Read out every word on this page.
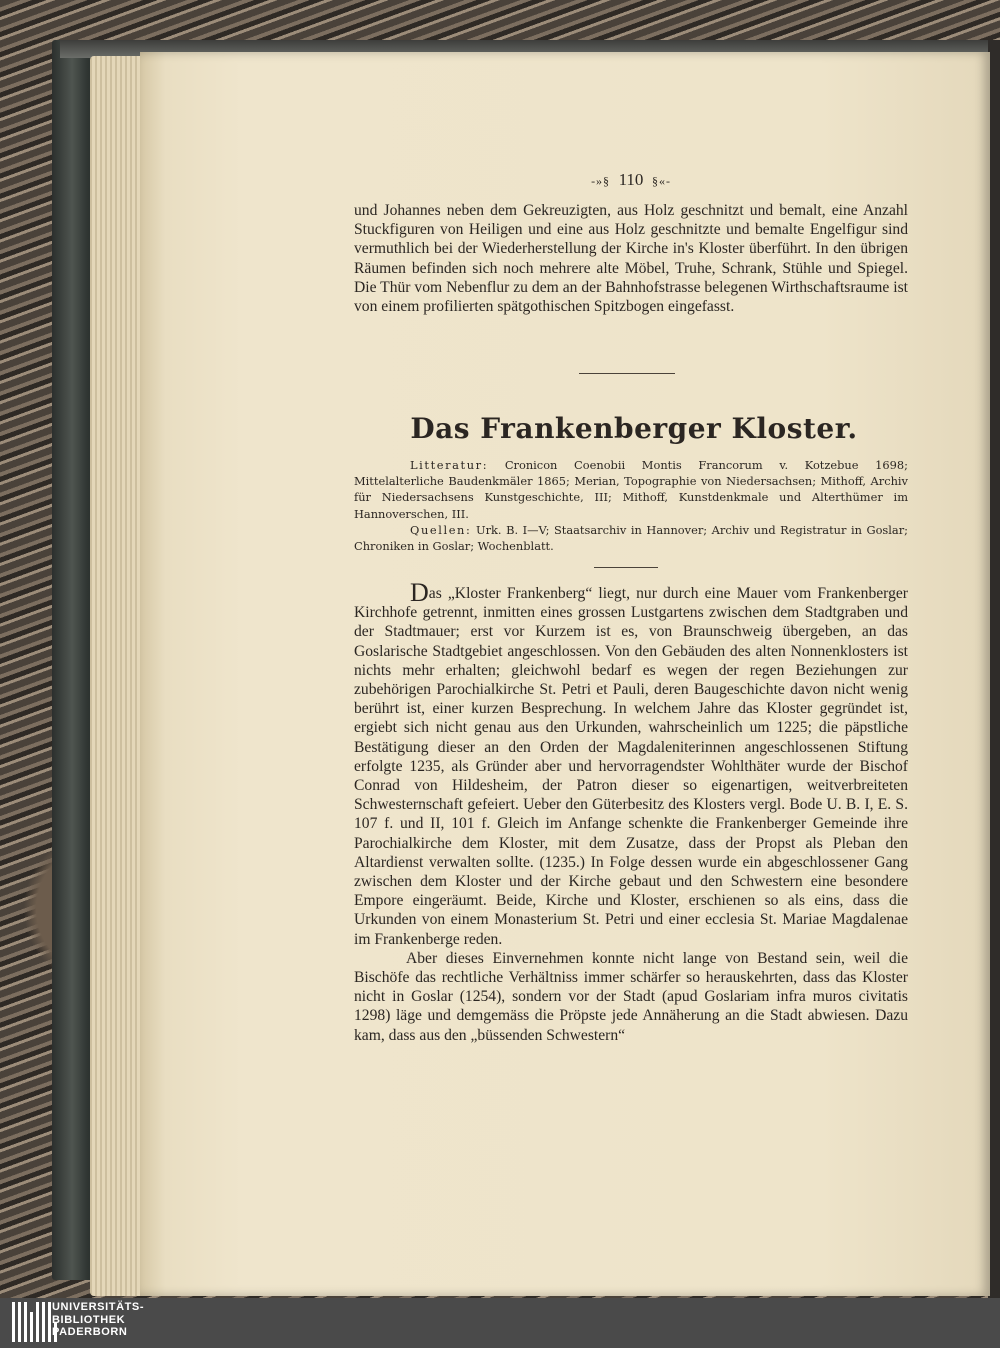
-»§ 110 §«-

und Johannes neben dem Gekreuzigten, aus Holz geschnitzt und bemalt, eine Anzahl Stuckfiguren von Heiligen und eine aus Holz geschnitzte und bemalte Engelfigur sind vermuthlich bei der Wiederherstellung der Kirche in's Kloster überführt. In den übrigen Räumen befinden sich noch mehrere alte Möbel, Truhe, Schrank, Stühle und Spiegel. Die Thür vom Nebenflur zu dem an der Bahnhofstrasse belegenen Wirthschaftsraume ist von einem profilierten spätgothischen Spitzbogen eingefasst.

Das Frankenberger Kloster.

Litteratur: Cronicon Coenobii Montis Francorum v. Kotzebue 1698; Mittelalterliche Baudenkmäler 1865; Merian, Topographie von Niedersachsen; Mithoff, Archiv für Niedersachsens Kunstgeschichte, III; Mithoff, Kunstdenkmale und Alterthümer im Hannoverschen, III.

Quellen: Urk. B. I—V; Staatsarchiv in Hannover; Archiv und Registratur in Goslar; Chroniken in Goslar; Wochenblatt.

Das „Kloster Frankenberg“ liegt, nur durch eine Mauer vom Frankenberger Kirchhofe getrennt, inmitten eines grossen Lustgartens zwischen dem Stadtgraben und der Stadtmauer; erst vor Kurzem ist es, von Braunschweig übergeben, an das Goslarische Stadtgebiet angeschlossen. Von den Gebäuden des alten Nonnenklosters ist nichts mehr erhalten; gleichwohl bedarf es wegen der regen Beziehungen zur zubehörigen Parochialkirche St. Petri et Pauli, deren Baugeschichte davon nicht wenig berührt ist, einer kurzen Besprechung. In welchem Jahre das Kloster gegründet ist, ergiebt sich nicht genau aus den Urkunden, wahrscheinlich um 1225; die päpstliche Bestätigung dieser an den Orden der Magdaleniterinnen angeschlossenen Stiftung erfolgte 1235, als Gründer aber und hervorragendster Wohlthäter wurde der Bischof Conrad von Hildesheim, der Patron dieser so eigenartigen, weitverbreiteten Schwesternschaft gefeiert. Ueber den Güterbesitz des Klosters vergl. Bode U. B. I, E. S. 107 f. und II, 101 f. Gleich im Anfange schenkte die Frankenberger Gemeinde ihre Parochialkirche dem Kloster, mit dem Zusatze, dass der Propst als Pleban den Altardienst verwalten sollte. (1235.) In Folge dessen wurde ein abgeschlossener Gang zwischen dem Kloster und der Kirche gebaut und den Schwestern eine besondere Empore eingeräumt. Beide, Kirche und Kloster, erschienen so als eins, dass die Urkunden von einem Monasterium St. Petri und einer ecclesia St. Mariae Magdalenae im Frankenberge reden.

Aber dieses Einvernehmen konnte nicht lange von Bestand sein, weil die Bischöfe das rechtliche Verhältniss immer schärfer so herauskehrten, dass das Kloster nicht in Goslar (1254), sondern vor der Stadt (apud Goslariam infra muros civitatis 1298) läge und demgemäss die Pröpste jede Annäherung an die Stadt abwiesen. Dazu kam, dass aus den „büssenden Schwestern“

UNIVERSITÄTS-
BIBLIOTHEK
PADERBORN
